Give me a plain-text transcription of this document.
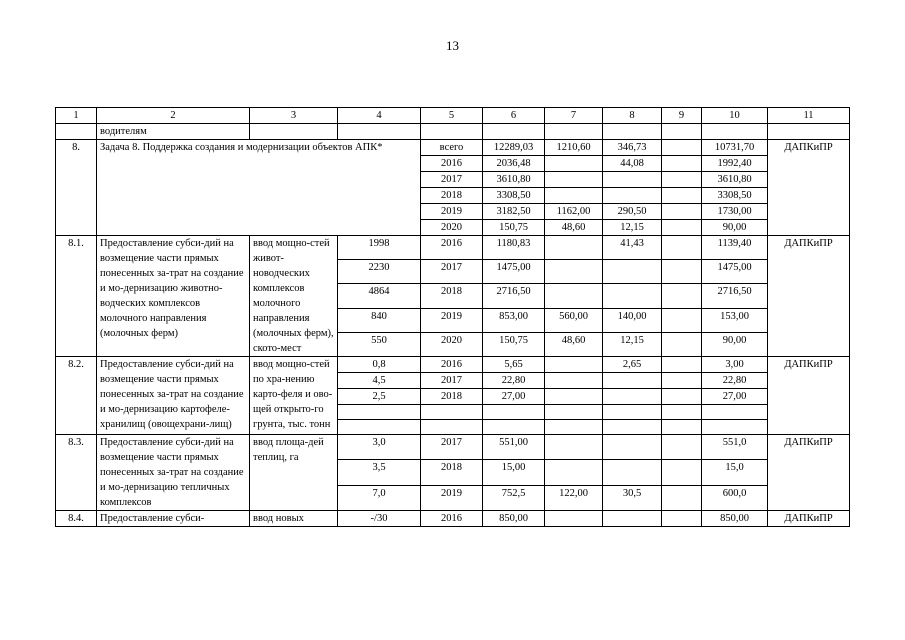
13
1	2	3	4	5	6	7	8	9	10	11
	водителям									
8.	Задача 8. Поддержка создания и модернизации объектов АПК*			всего	12289,03	1210,60	346,73		10731,70	ДАПКиПР
				2016	2036,48		44,08		1992,40	
				2017	3610,80				3610,80	
				2018	3308,50				3308,50	
				2019	3182,50	1162,00	290,50		1730,00	
				2020	150,75	48,60	12,15		90,00	
8.1.	Предоставление субси-дий на возмещение части прямых понесенных за-трат на создание и мо-дернизацию животно-водческих комплексов молочного направления (молочных ферм)	ввод мощно-стей живот-новодческих комплексов молочного направления (молочных ферм), ското-мест	1998	2016	1180,83		41,43		1139,40	ДАПКиПР
			2230	2017	1475,00				1475,00	
			4864	2018	2716,50				2716,50	
			840	2019	853,00	560,00	140,00		153,00	
			550	2020	150,75	48,60	12,15		90,00	
8.2.	Предоставление субси-дий на возмещение части прямых понесенных за-трат на создание и мо-дернизацию картофеле-хранилищ (овощехрани-лищ)	ввод мощно-стей по хра-нению карто-феля и ово-щей открыто-го грунта, тыс. тонн	0,8	2016	5,65		2,65		3,00	ДАПКиПР
			4,5	2017	22,80				22,80	
			2,5	2018	27,00				27,00	

8.3.	Предоставление субси-дий на возмещение части прямых понесенных за-трат на создание и мо-дернизацию тепличных комплексов	ввод площа-дей теплиц, га	3,0	2017	551,00				551,0	ДАПКиПР
			3,5	2018	15,00				15,0	
			7,0	2019	752,5	122,00	30,5		600,0	
8.4.	Предоставление субси-	ввод новых	-/30	2016	850,00				850,00	ДАПКиПР
